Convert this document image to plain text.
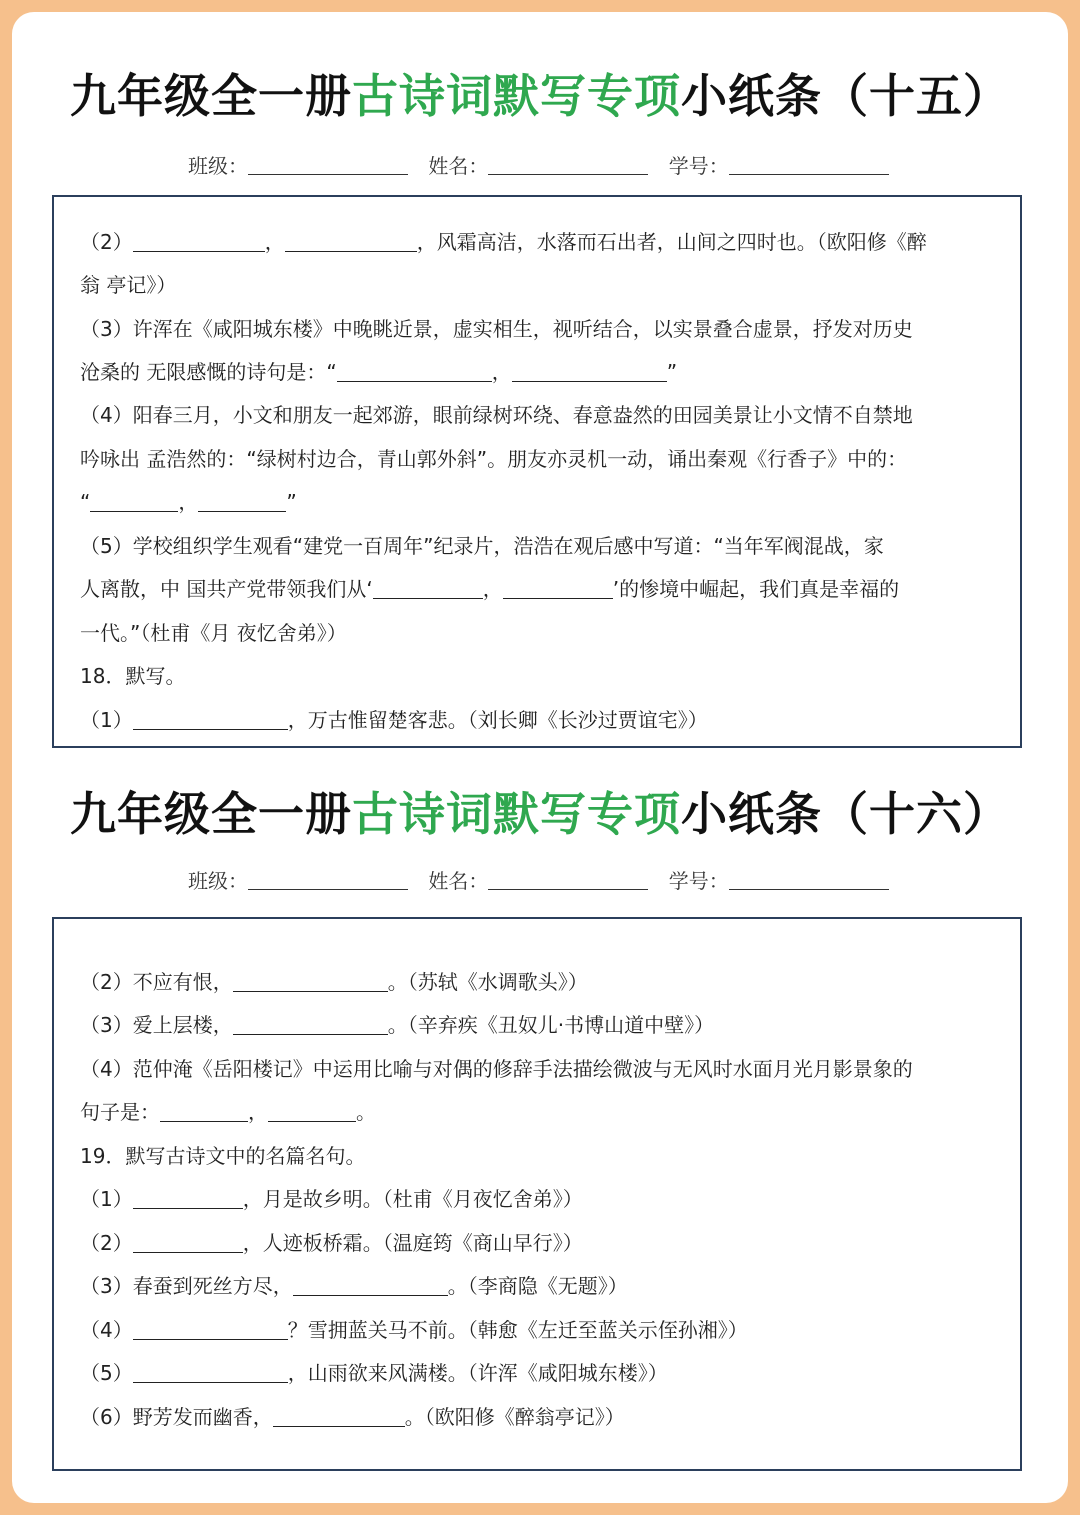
九年级全一册古诗词默写专项小纸条（十五）
班级：	姓名：	学号：
（2）	，	，风霜高洁，水落而石出者，山间之四时也。（欧阳修《醉
翁 亭记》）
（3）许浑在《咸阳城东楼》中晚眺近景，虚实相生，视听结合，以实景叠合虚景，抒发对历史
沧桑的 无限感慨的诗句是：“	，	”
（4）阳春三月，小文和朋友一起郊游，眼前绿树环绕、春意盎然的田园美景让小文情不自禁地
吟咏出 孟浩然的：“绿树村边合，青山郭外斜”。朋友亦灵机一动，诵出秦观《行香子》中的：
“	，	”
（5）学校组织学生观看“建党一百周年”纪录片，浩浩在观后感中写道：“当年军阀混战，家
人离散，中 国共产党带领我们从‘	，	’的惨境中崛起，我们真是幸福的
一代。”（杜甫《月 夜忆舍弟》）
18．默写。
（1）	，万古惟留楚客悲。（刘长卿《长沙过贾谊宅》）
九年级全一册古诗词默写专项小纸条（十六）
班级：	姓名：	学号：
（2）不应有恨，	。（苏轼《水调歌头》）
（3）爱上层楼，	。（辛弃疾《丑奴儿·书博山道中壁》）
（4）范仲淹《岳阳楼记》中运用比喻与对偶的修辞手法描绘微波与无风时水面月光月影景象的
句子是：	，	。
19．默写古诗文中的名篇名句。
（1）	，月是故乡明。（杜甫《月夜忆舍弟》）
（2）	，人迹板桥霜。（温庭筠《商山早行》）
（3）春蚕到死丝方尽，	。（李商隐《无题》）
（4）	？雪拥蓝关马不前。（韩愈《左迁至蓝关示侄孙湘》）
（5）	，山雨欲来风满楼。（许浑《咸阳城东楼》）
（6）野芳发而幽香，	。（欧阳修《醉翁亭记》）
